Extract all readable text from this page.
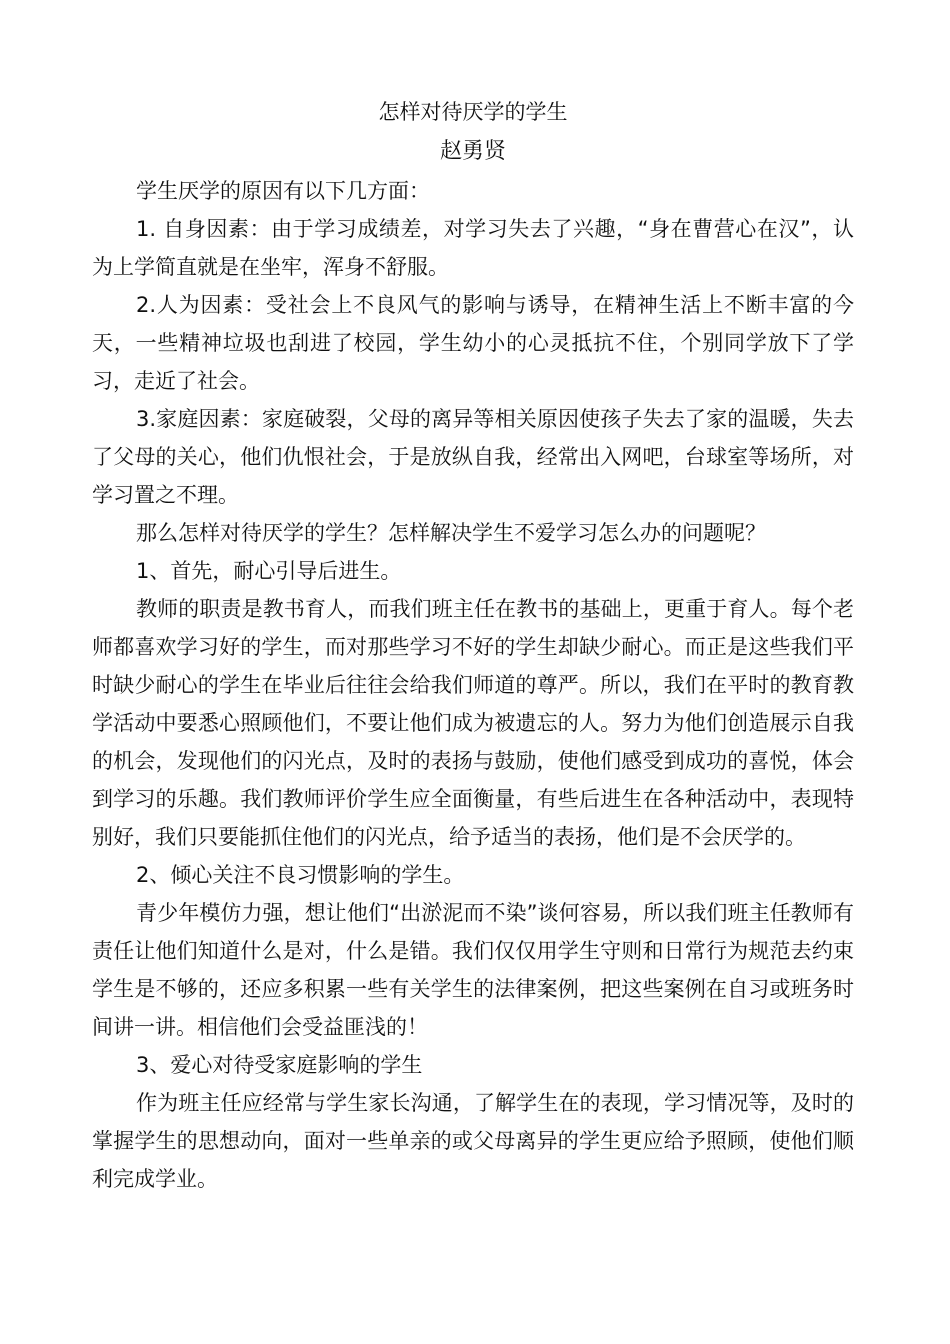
怎样对待厌学的学生
赵勇贤

学生厌学的原因有以下几方面：

1. 自身因素：由于学习成绩差，对学习失去了兴趣，“身在曹营心在汉”，认为上学简直就是在坐牢，浑身不舒服。

2.人为因素：受社会上不良风气的影响与诱导，在精神生活上不断丰富的今天，一些精神垃圾也刮进了校园，学生幼小的心灵抵抗不住，个别同学放下了学习，走近了社会。

3.家庭因素：家庭破裂，父母的离异等相关原因使孩子失去了家的温暖，失去了父母的关心，他们仇恨社会，于是放纵自我，经常出入网吧，台球室等场所，对学习置之不理。

那么怎样对待厌学的学生？怎样解决学生不爱学习怎么办的问题呢？

1、首先，耐心引导后进生。

教师的职责是教书育人，而我们班主任在教书的基础上，更重于育人。每个老师都喜欢学习好的学生，而对那些学习不好的学生却缺少耐心。而正是这些我们平时缺少耐心的学生在毕业后往往会给我们师道的尊严。所以，我们在平时的教育教学活动中要悉心照顾他们，不要让他们成为被遗忘的人。努力为他们创造展示自我的机会，发现他们的闪光点，及时的表扬与鼓励，使他们感受到成功的喜悦，体会到学习的乐趣。我们教师评价学生应全面衡量，有些后进生在各种活动中，表现特别好，我们只要能抓住他们的闪光点，给予适当的表扬，他们是不会厌学的。

2、倾心关注不良习惯影响的学生。

青少年模仿力强，想让他们“出淤泥而不染”谈何容易，所以我们班主任教师有责任让他们知道什么是对，什么是错。我们仅仅用学生守则和日常行为规范去约束学生是不够的，还应多积累一些有关学生的法律案例，把这些案例在自习或班务时间讲一讲。相信他们会受益匪浅的！

3、爱心对待受家庭影响的学生

作为班主任应经常与学生家长沟通，了解学生在的表现，学习情况等，及时的掌握学生的思想动向，面对一些单亲的或父母离异的学生更应给予照顾，使他们顺利完成学业。
